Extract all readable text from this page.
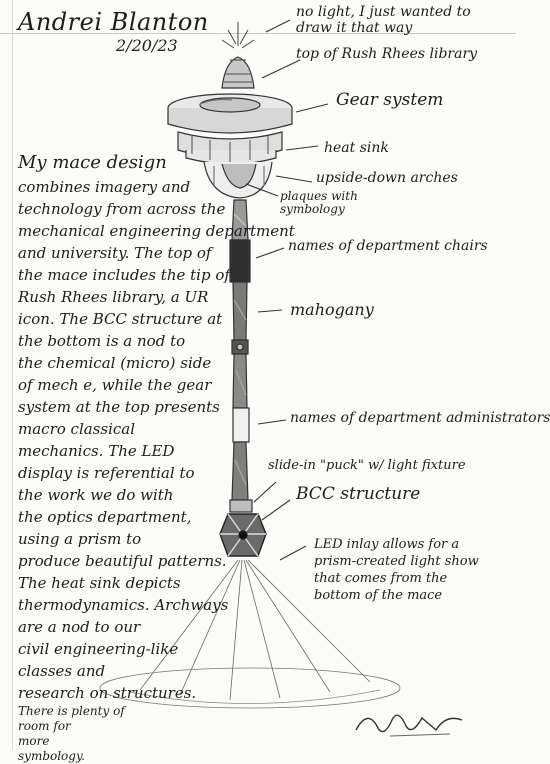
Andrei Blanton
2/20/23
no light, I just wanted to draw it that way
top of Rush Rhees library
Gear system
heat sink
upside-down arches
plaques with symbology
names of department chairs
mahogany
names of department administrators
slide-in "puck" w/ light fixture
BCC structure
LED inlay allows for a prism-created light show that comes from the bottom of the mace
My mace design
combines imagery and
technology from across the
mechanical engineering department
and university. The top of
the mace includes the tip of
Rush Rhees library, a UR
icon. The BCC structure at
the bottom is a nod to
the chemical (micro) side
of mech e, while the gear
system at the top presents
macro classical
mechanics. The LED
display is referential to
the work we do with
the optics department,
using a prism to
produce beautiful patterns.
The heat sink depicts
thermodynamics. Archways
are a nod to our
civil engineering-like
classes and
research on structures.
There is plenty of
room for
more
symbology.
